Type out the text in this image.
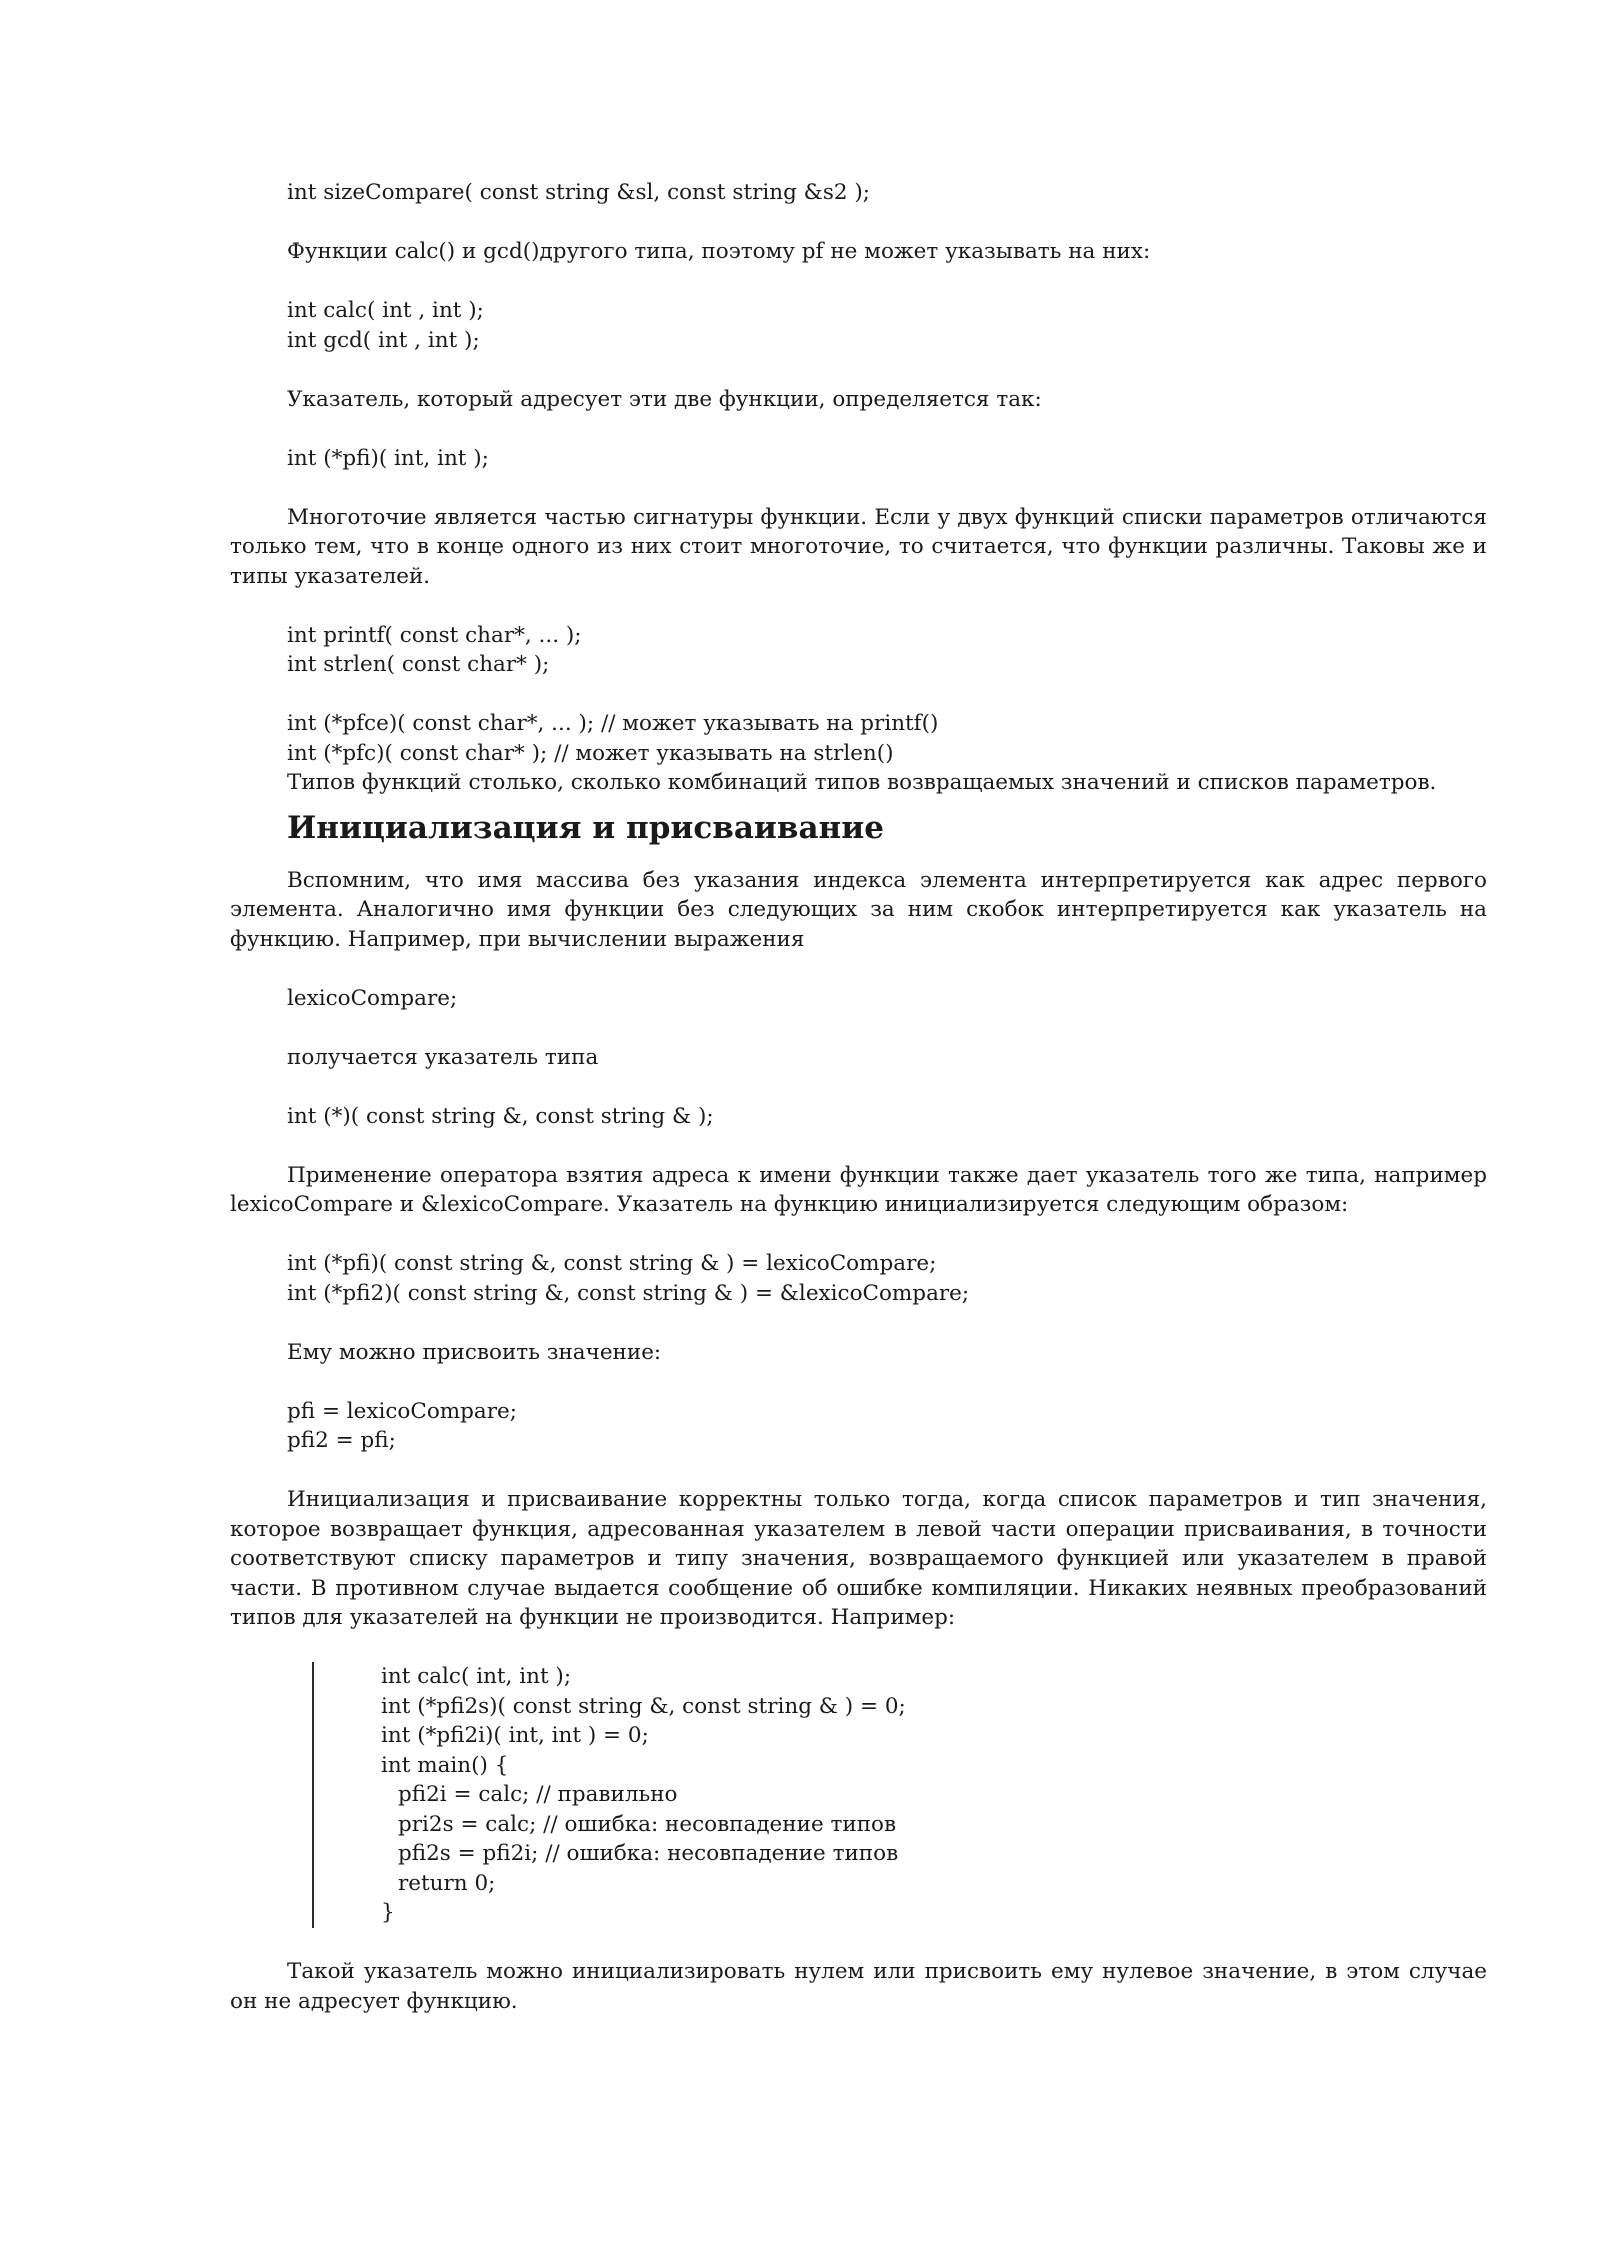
int sizeCompare( const string &sl, const string &s2 );

Функции calc() и gcd()другого типа, поэтому pf не может указывать на них:

int calc( int , int );

int gcd( int , int );

Указатель, который адресует эти две функции, определяется так:

int (*pfi)( int, int );

Многоточие является частью сигнатуры функции. Если у двух функций списки параметров отличаются только тем, что в конце одного из них стоит многоточие, то считается, что функции различны. Таковы же и типы указателей.

int printf( const char*, ... );

int strlen( const char* );

int (*pfce)( const char*, ... ); // может указывать на printf()

int (*pfc)( const char* ); // может указывать на strlen()

Типов функций столько, сколько комбинаций типов возвращаемых значений и списков параметров.

Инициализация и присваивание

Вспомним, что имя массива без указания индекса элемента интерпретируется как адрес первого элемента. Аналогично имя функции без следующих за ним скобок интерпретируется как указатель на функцию. Например, при вычислении выражения

lexicoCompare;

получается указатель типа

int (*)( const string &, const string & );

Применение оператора взятия адреса к имени функции также дает указатель того же типа, например lexicoCompare и &lexicoCompare. Указатель на функцию инициализируется следующим образом:

int (*pfi)( const string &, const string & ) = lexicoCompare;

int (*pfi2)( const string &, const string & ) = &lexicoCompare;

Ему можно присвоить значение:

pfi = lexicoCompare;

pfi2 = pfi;

Инициализация и присваивание корректны только тогда, когда список параметров и тип значения, которое возвращает функция, адресованная указателем в левой части операции присваивания, в точности соответствуют списку параметров и типу значения, возвращаемого функцией или указателем в правой части. В противном случае выдается сообщение об ошибке компиляции. Никаких неявных преобразований типов для указателей на функции не производится. Например:

int calc( int, int );

int (*pfi2s)( const string &, const string & ) = 0;

int (*pfi2i)( int, int ) = 0;

int main() {

pfi2i = calc; // правильно

pri2s = calc; // ошибка: несовпадение типов

pfi2s = pfi2i; // ошибка: несовпадение типов

return 0;

}

Такой указатель можно инициализировать нулем или присвоить ему нулевое значение, в этом случае он не адресует функцию.
